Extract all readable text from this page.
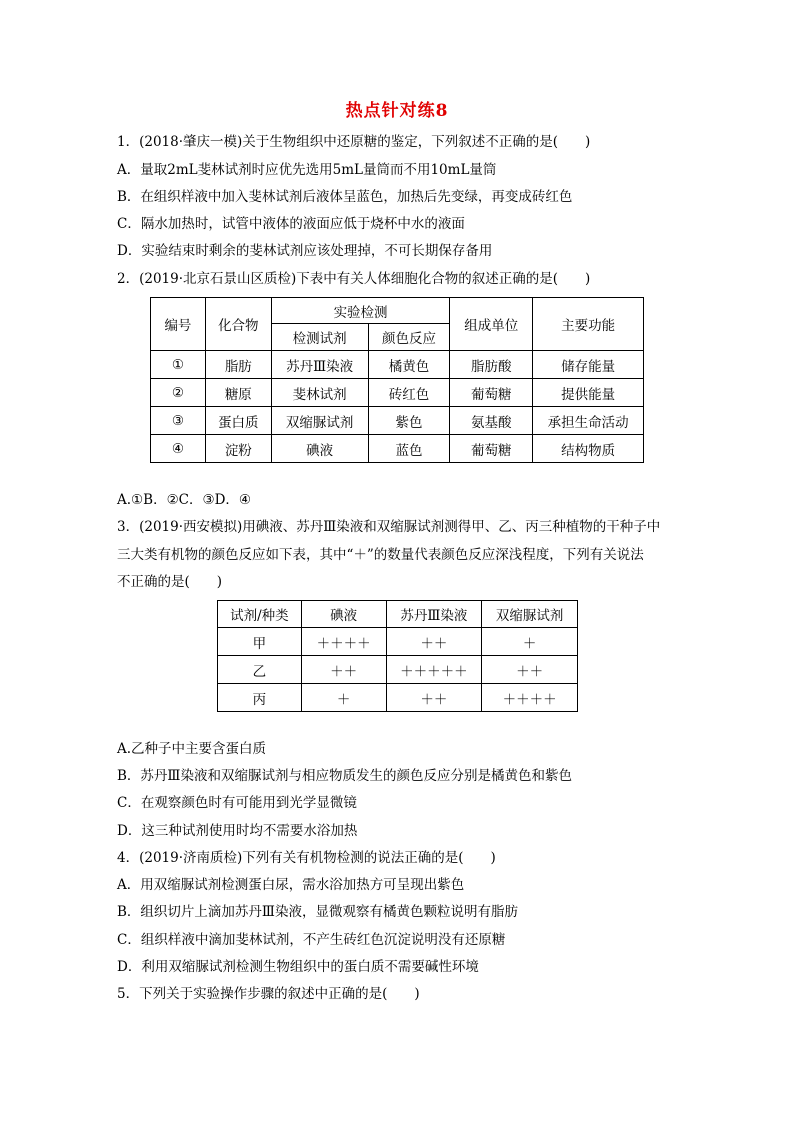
热点针对练8
1．(2018·肇庆一模)关于生物组织中还原糖的鉴定，下列叙述不正确的是(　　)
A．量取2mL斐林试剂时应优先选用5mL量筒而不用10mL量筒
B．在组织样液中加入斐林试剂后液体呈蓝色，加热后先变绿，再变成砖红色
C．隔水加热时，试管中液体的液面应低于烧杯中水的液面
D．实验结束时剩余的斐林试剂应该处理掉，不可长期保存备用
2．(2019·北京石景山区质检)下表中有关人体细胞化合物的叙述正确的是(　　)
编号	化合物	实验检测		组成单位	主要功能
		检测试剂	颜色反应		
①	脂肪	苏丹Ⅲ染液	橘黄色	脂肪酸	储存能量
②	糖原	斐林试剂	砖红色	葡萄糖	提供能量
③	蛋白质	双缩脲试剂	紫色	氨基酸	承担生命活动
④	淀粉	碘液	蓝色	葡萄糖	结构物质
A.①B．②C．③D．④
3．(2019·西安模拟)用碘液、苏丹Ⅲ染液和双缩脲试剂测得甲、乙、丙三种植物的干种子中
三大类有机物的颜色反应如下表，其中“＋”的数量代表颜色反应深浅程度，下列有关说法
不正确的是(　　)
试剂/种类	碘液	苏丹Ⅲ染液	双缩脲试剂
甲	＋＋＋＋	＋＋	＋
乙	＋＋	＋＋＋＋＋	＋＋
丙	＋	＋＋	＋＋＋＋
A.乙种子中主要含蛋白质
B．苏丹Ⅲ染液和双缩脲试剂与相应物质发生的颜色反应分别是橘黄色和紫色
C．在观察颜色时有可能用到光学显微镜
D．这三种试剂使用时均不需要水浴加热
4．(2019·济南质检)下列有关有机物检测的说法正确的是(　　)
A．用双缩脲试剂检测蛋白尿，需水浴加热方可呈现出紫色
B．组织切片上滴加苏丹Ⅲ染液，显微观察有橘黄色颗粒说明有脂肪
C．组织样液中滴加斐林试剂，不产生砖红色沉淀说明没有还原糖
D．利用双缩脲试剂检测生物组织中的蛋白质不需要碱性环境
5．下列关于实验操作步骤的叙述中正确的是(　　)
